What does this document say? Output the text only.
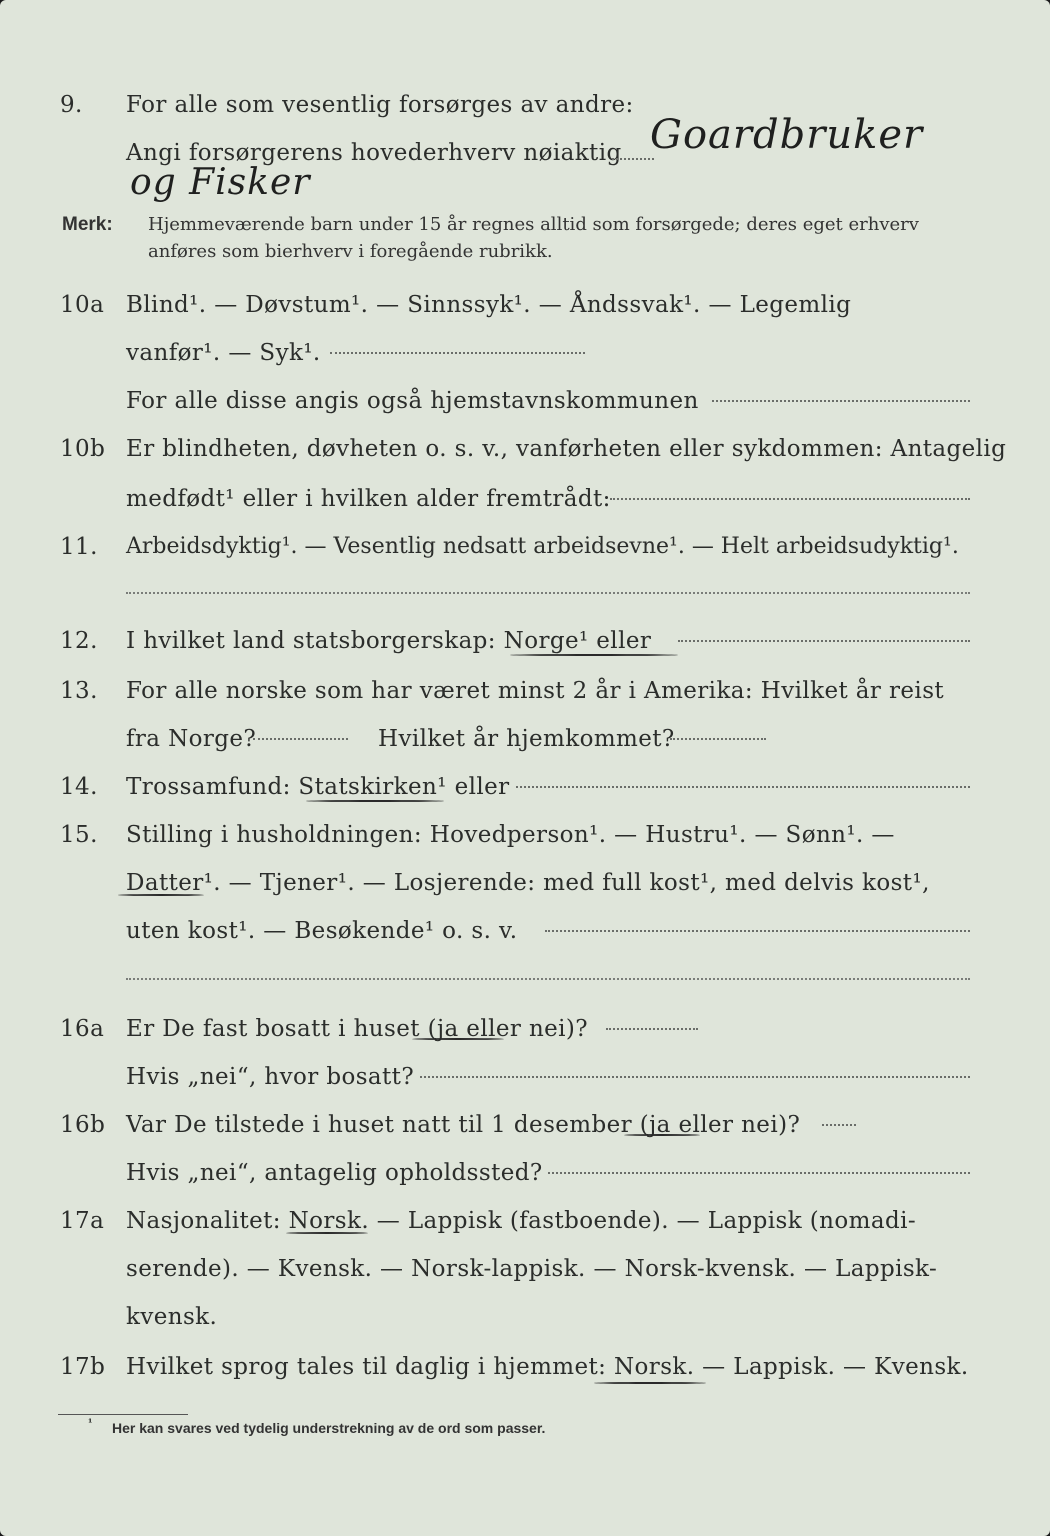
9. For alle som vesentlig forsørges av andre:
Angi forsørgerens hovederhverv nøiaktig Goardbruker
og Fisker
Merk: Hjemmeværende barn under 15 år regnes alltid som forsørgede; deres eget erhverv
anføres som bierhverv i foregående rubrikk.
10a Blind¹. — Døvstum¹. — Sinnssyk¹. — Åndssvak¹. — Legemlig
vanfør¹. — Syk¹.
For alle disse angis også hjemstavnskommunen
10b Er blindheten, døvheten o. s. v., vanførheten eller sykdommen: Antagelig
medfødt¹ eller i hvilken alder fremtrådt:
11. Arbeidsdyktig¹. — Vesentlig nedsatt arbeidsevne¹. — Helt arbeidsudyktig¹.
12. I hvilket land statsborgerskap: Norge¹ eller
13. For alle norske som har været minst 2 år i Amerika: Hvilket år reist
fra Norge?	Hvilket år hjemkommet?
14. Trossamfund: Statskirken¹ eller
15. Stilling i husholdningen: Hovedperson¹. — Hustru¹. — Sønn¹. —
Datter¹. — Tjener¹. — Losjerende: med full kost¹, med delvis kost¹,
uten kost¹. — Besøkende¹ o. s. v.
16a Er De fast bosatt i huset (ja eller nei)?
Hvis „nei“, hvor bosatt?
16b Var De tilstede i huset natt til 1 desember (ja eller nei)?
Hvis „nei“, antagelig opholdssted?
17a Nasjonalitet: Norsk. — Lappisk (fastboende). — Lappisk (nomadi-
serende). — Kvensk. — Norsk-lappisk. — Norsk-kvensk. — Lappisk-
kvensk.
17b Hvilket sprog tales til daglig i hjemmet: Norsk. — Lappisk. — Kvensk.
¹ Her kan svares ved tydelig understrekning av de ord som passer.
